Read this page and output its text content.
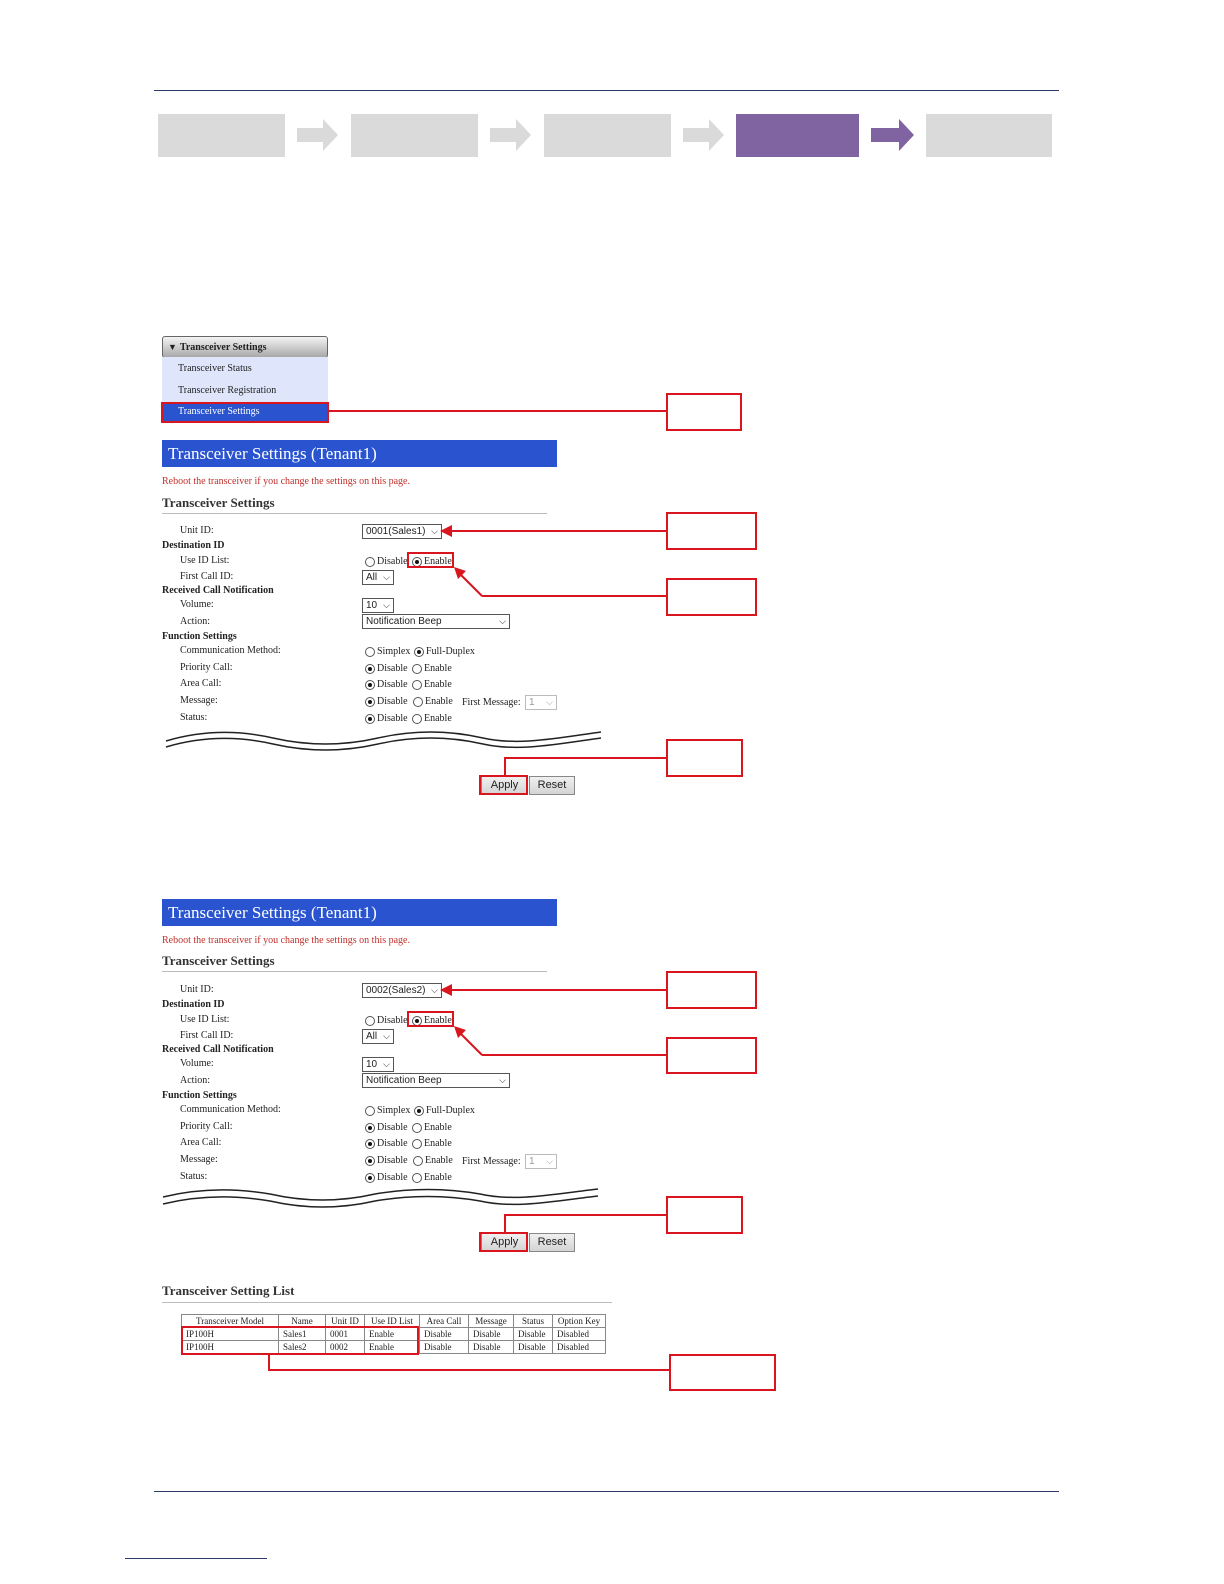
▼ Transceiver Settings
Transceiver Status
Transceiver Registration
Transceiver Settings
Transceiver Settings (Tenant1)
Reboot the transceiver if you change the settings on this page.
Transceiver Settings
Unit ID:	0001(Sales1) ⌵
Destination ID
Use ID List:	Disable Enable
First Call ID:	All ⌵
Received Call Notification
Volume:	10 ⌵
Action:	Notification Beep	⌵
Function Settings
Communication Method:	Simplex Full-Duplex
Priority Call:	Disable Enable
Area Call:	Disable Enable
Message:	Disable Enable First Message: 1 ⌵
Status:	Disable Enable
Apply	Reset
Transceiver Settings (Tenant1)
Reboot the transceiver if you change the settings on this page.
Transceiver Settings
Unit ID:	0002(Sales2) ⌵
Destination ID
Use ID List:	Disable Enable
First Call ID:	All ⌵
Received Call Notification
Volume:	10 ⌵
Action:	Notification Beep	⌵
Function Settings
Communication Method:	Simplex Full-Duplex
Priority Call:	Disable Enable
Area Call:	Disable Enable
Message:	Disable Enable First Message: 1 ⌵
Status:	Disable Enable
Apply	Reset
Transceiver Setting List
Transceiver Model	Name	Unit ID	Use ID List	Area Call	Message	Status	Option Key
IP100H	Sales1	0001	Enable	Disable	Disable	Disable	Disabled
IP100H	Sales2	0002	Enable	Disable	Disable	Disable	Disabled
